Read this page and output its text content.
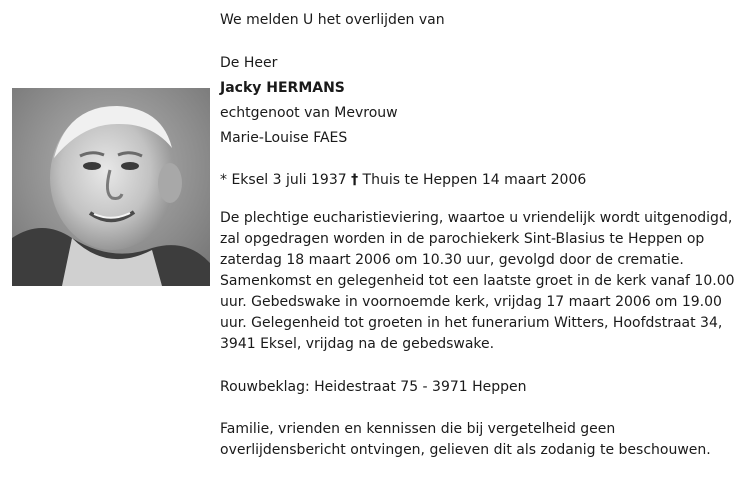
We melden U het overlijden van
De Heer
Jacky HERMANS
echtgenoot van Mevrouw
Marie-Louise FAES
* Eksel 3 juli 1937 † Thuis te Heppen 14 maart 2006
De plechtige eucharistieviering, waartoe u vriendelijk wordt uitgenodigd,
zal opgedragen worden in de parochiekerk Sint-Blasius te Heppen op
zaterdag 18 maart 2006 om 10.30 uur, gevolgd door de crematie.
Samenkomst en gelegenheid tot een laatste groet in de kerk vanaf 10.00
uur. Gebedswake in voornoemde kerk, vrijdag 17 maart 2006 om 19.00
uur. Gelegenheid tot groeten in het funerarium Witters, Hoofdstraat 34,
3941 Eksel, vrijdag na de gebedswake.
Rouwbeklag: Heidestraat 75 - 3971 Heppen
Familie, vrienden en kennissen die bij vergetelheid geen
overlijdensbericht ontvingen, gelieven dit als zodanig te beschouwen.
